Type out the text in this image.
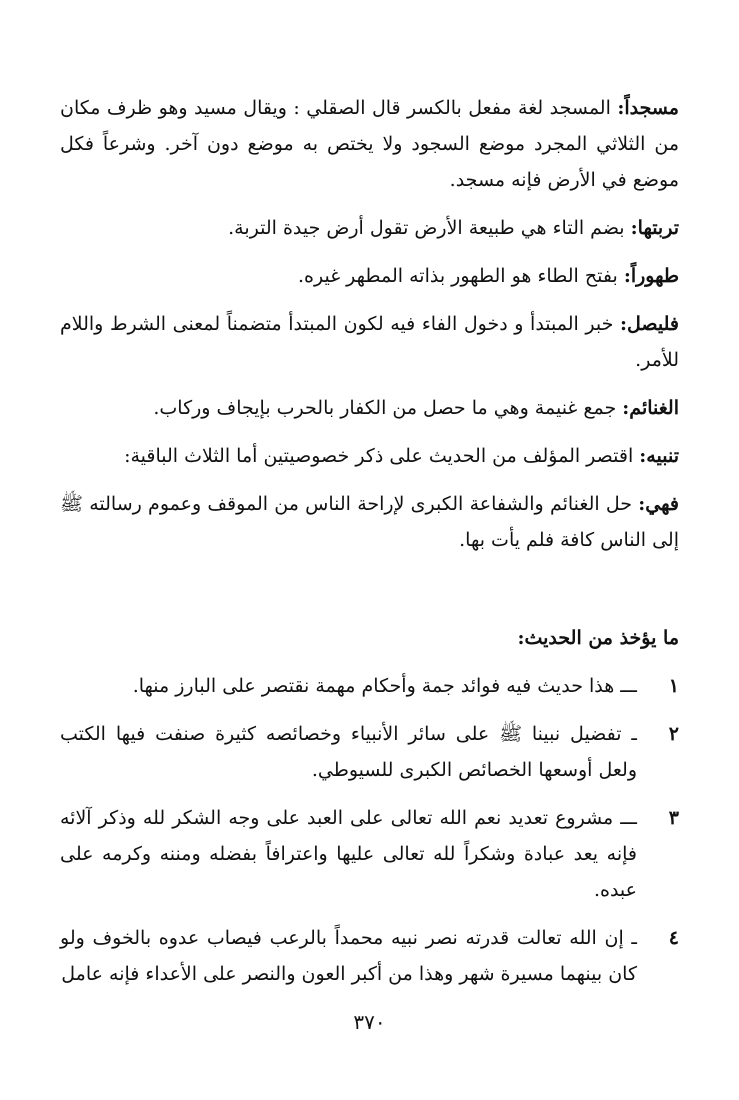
مسجداً: المسجد لغة مفعل بالكسر قال الصقلي : ويقال مسيد وهو ظرف مكان من الثلاثي المجرد موضع السجود ولا يختص به موضع دون آخر. وشرعاً فكل موضع في الأرض فإنه مسجد.

تربتها: بضم التاء هي طبيعة الأرض تقول أرض جيدة التربة.

طهوراً: بفتح الطاء هو الطهور بذاته المطهر غيره.

فليصل: خبر المبتدأ و دخول الفاء فيه لكون المبتدأ متضمناً لمعنى الشرط واللام للأمر.

الغنائم: جمع غنيمة وهي ما حصل من الكفار بالحرب بإيجاف وركاب.

تنبيه: اقتصر المؤلف من الحديث على ذكر خصوصيتين أما الثلاث الباقية:

فهي: حل الغنائم والشفاعة الكبرى لإراحة الناس من الموقف وعموم رسالته ﷺ إلى الناس كافة فلم يأت بها.

ما يؤخذ من الحديث:

١
ـــ هذا حديث فيه فوائد جمة وأحكام مهمة نقتصر على البارز منها.
٢
ـ تفضيل نبينا ﷺ على سائر الأنبياء وخصائصه كثيرة صنفت فيها الكتب ولعل أوسعها الخصائص الكبرى للسيوطي.
٣
ـــ مشروع تعديد نعم الله تعالى على العبد على وجه الشكر لله وذكر آلائه فإنه يعد عبادة وشكراً لله تعالى عليها واعترافاً بفضله ومننه وكرمه على عبده.
٤
ـ إن الله تعالت قدرته نصر نبيه محمداً بالرعب فيصاب عدوه بالخوف ولو كان بينهما مسيرة شهر وهذا من أكبر العون والنصر على الأعداء فإنه عامل
٣٧٠
